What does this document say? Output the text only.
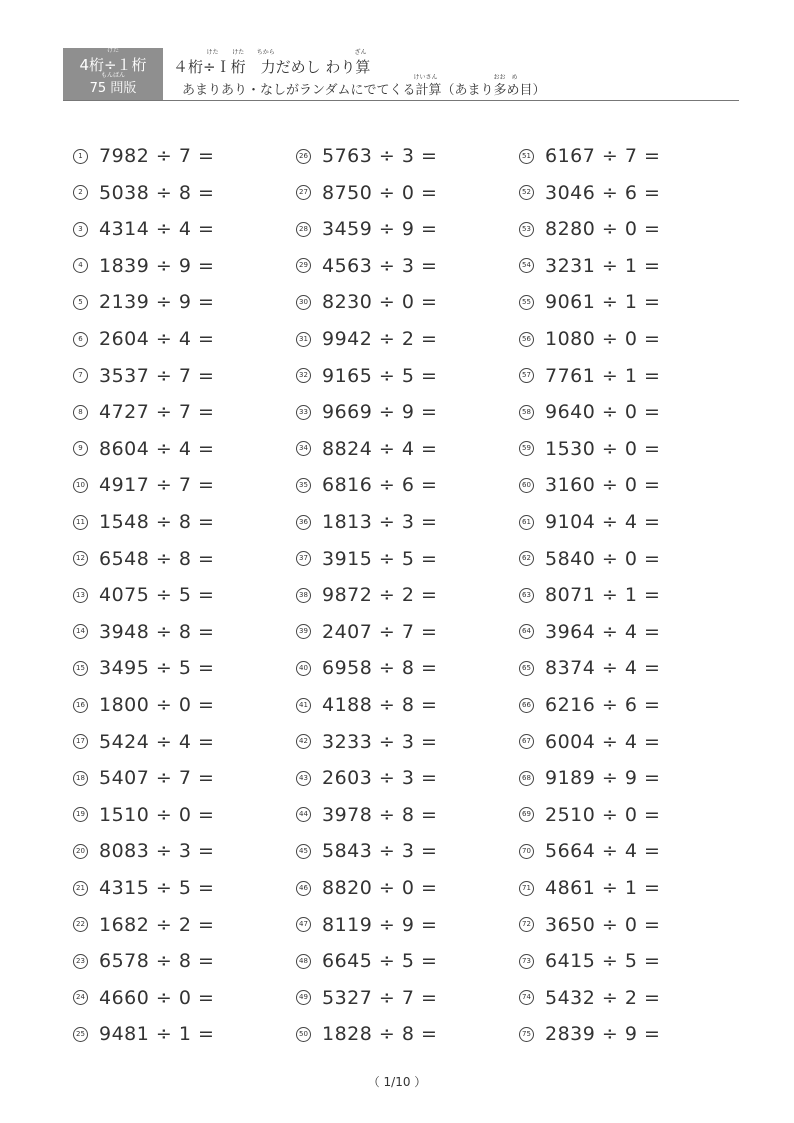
けた
4桁÷１桁
もんばん
75 問版
けた けた ちから	ざん
４桁÷Ｉ桁　力だめし わり算
けいさん	おお　め
あまりあり・なしがランダムにでてくる計算（あまり多め目）
1 7982 ÷ 7 =
2 5038 ÷ 8 =
3 4314 ÷ 4 =
4 1839 ÷ 9 =
5 2139 ÷ 9 =
6 2604 ÷ 4 =
7 3537 ÷ 7 =
8 4727 ÷ 7 =
9 8604 ÷ 4 =
10 4917 ÷ 7 =
11 1548 ÷ 8 =
12 6548 ÷ 8 =
13 4075 ÷ 5 =
14 3948 ÷ 8 =
15 3495 ÷ 5 =
16 1800 ÷ 0 =
17 5424 ÷ 4 =
18 5407 ÷ 7 =
19 1510 ÷ 0 =
20 8083 ÷ 3 =
21 4315 ÷ 5 =
22 1682 ÷ 2 =
23 6578 ÷ 8 =
24 4660 ÷ 0 =
25 9481 ÷ 1 =
26 5763 ÷ 3 =
27 8750 ÷ 0 =
28 3459 ÷ 9 =
29 4563 ÷ 3 =
30 8230 ÷ 0 =
31 9942 ÷ 2 =
32 9165 ÷ 5 =
33 9669 ÷ 9 =
34 8824 ÷ 4 =
35 6816 ÷ 6 =
36 1813 ÷ 3 =
37 3915 ÷ 5 =
38 9872 ÷ 2 =
39 2407 ÷ 7 =
40 6958 ÷ 8 =
41 4188 ÷ 8 =
42 3233 ÷ 3 =
43 2603 ÷ 3 =
44 3978 ÷ 8 =
45 5843 ÷ 3 =
46 8820 ÷ 0 =
47 8119 ÷ 9 =
48 6645 ÷ 5 =
49 5327 ÷ 7 =
50 1828 ÷ 8 =
51 6167 ÷ 7 =
52 3046 ÷ 6 =
53 8280 ÷ 0 =
54 3231 ÷ 1 =
55 9061 ÷ 1 =
56 1080 ÷ 0 =
57 7761 ÷ 1 =
58 9640 ÷ 0 =
59 1530 ÷ 0 =
60 3160 ÷ 0 =
61 9104 ÷ 4 =
62 5840 ÷ 0 =
63 8071 ÷ 1 =
64 3964 ÷ 4 =
65 8374 ÷ 4 =
66 6216 ÷ 6 =
67 6004 ÷ 4 =
68 9189 ÷ 9 =
69 2510 ÷ 0 =
70 5664 ÷ 4 =
71 4861 ÷ 1 =
72 3650 ÷ 0 =
73 6415 ÷ 5 =
74 5432 ÷ 2 =
75 2839 ÷ 9 =
（ 1/10 ）
